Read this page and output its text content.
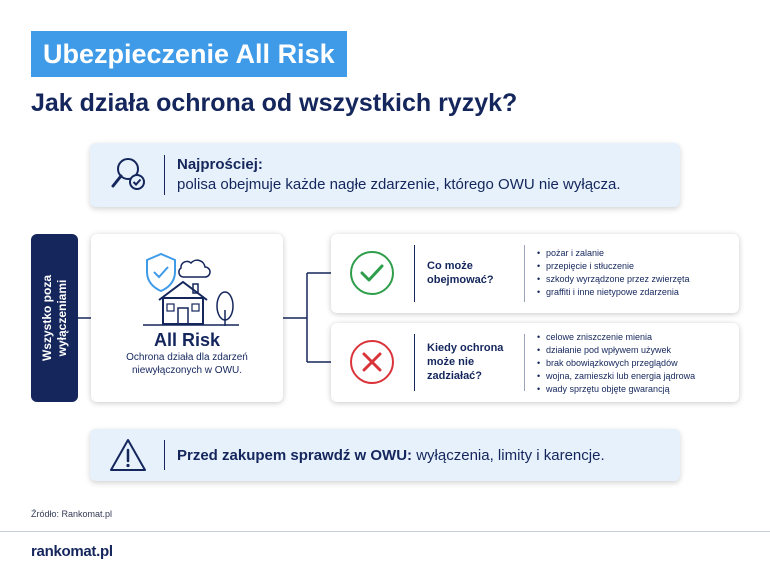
Ubezpieczenie All Risk
Jak działa ochrona od wszystkich ryzyk?
Najprościej:
polisa obejmuje każde nagłe zdarzenie, którego OWU nie wyłącza.
Wszystko poza wyłączeniami	All Risk
Ochrona działa dla zdarzeń niewyłączonych w OWU.
Co może
obejmować?
• pożar i zalanie
• przepięcie i stłuczenie
• szkody wyrządzone przez zwierzęta
• graffiti i inne nietypowe zdarzenia
Kiedy ochrona
może nie
zadziałać?
• celowe zniszczenie mienia
• działanie pod wpływem używek
• brak obowiązkowych przeglądów
• wojna, zamieszki lub energia jądrowa
• wady sprzętu objęte gwarancją
Przed zakupem sprawdź w OWU: wyłączenia, limity i karencje.
Źródło: Rankomat.pl
rankomat.pl
